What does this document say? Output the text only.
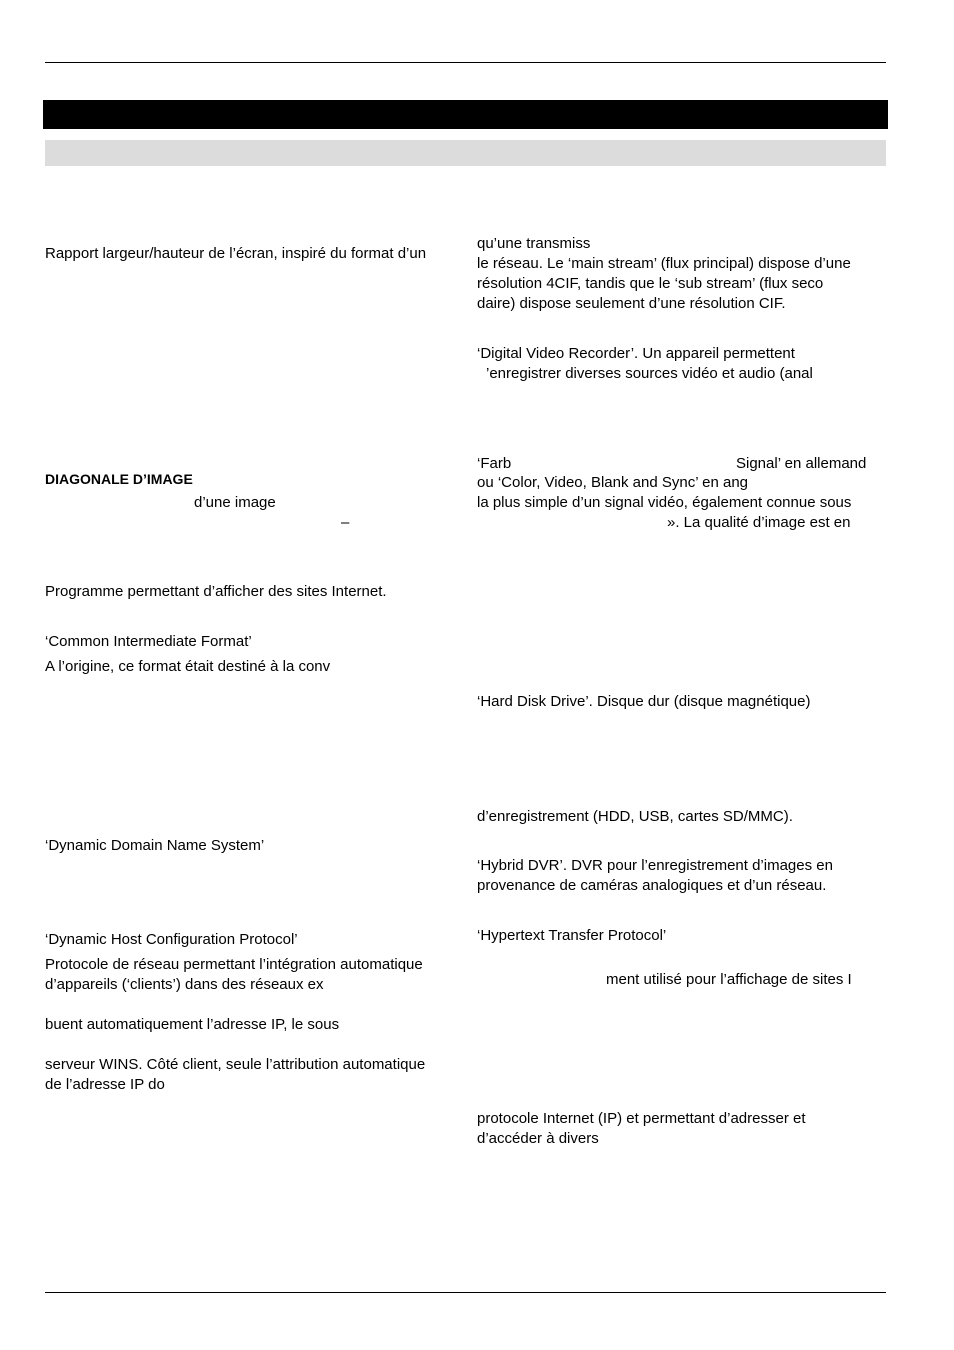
Rapport largeur/hauteur de l’écran, inspiré du format d’un

DIAGONALE D’IMAGE

d’une image

–

Programme permettant d’afficher des sites Internet.

‘Common Intermediate Format’

A l’origine, ce format était destiné à la conv

‘Dynamic Domain Name System’

‘Dynamic Host Configuration Protocol’

Protocole de réseau permettant l’intégration automatique

d’appareils (‘clients’) dans des réseaux ex

buent automatiquement l’adresse IP, le sous

serveur WINS. Côté client, seule l’attribution automatique

de l’adresse IP do

qu’une transmiss

le réseau. Le ‘main stream’ (flux principal) dispose d’une

résolution 4CIF, tandis que le ‘sub stream’ (flux seco

daire) dispose seulement d’une résolution CIF.

‘Digital Video Recorder’. Un appareil permettent

’enregistrer diverses sources vidéo et audio (anal

‘Farb	Signal’ en allemand

ou ‘Color, Video, Blank and Sync’ en ang

la plus simple d’un signal vidéo, également connue sous

». La qualité d’image est en

‘Hard Disk Drive’. Disque dur (disque magnétique)

d’enregistrement (HDD, USB, cartes SD/MMC).

‘Hybrid DVR’. DVR pour l’enregistrement d’images en

provenance de caméras analogiques et d’un réseau.

‘Hypertext Transfer Protocol’

ment utilisé pour l’affichage de sites I

protocole Internet (IP) et permettant d’adresser et

d’accéder à divers
